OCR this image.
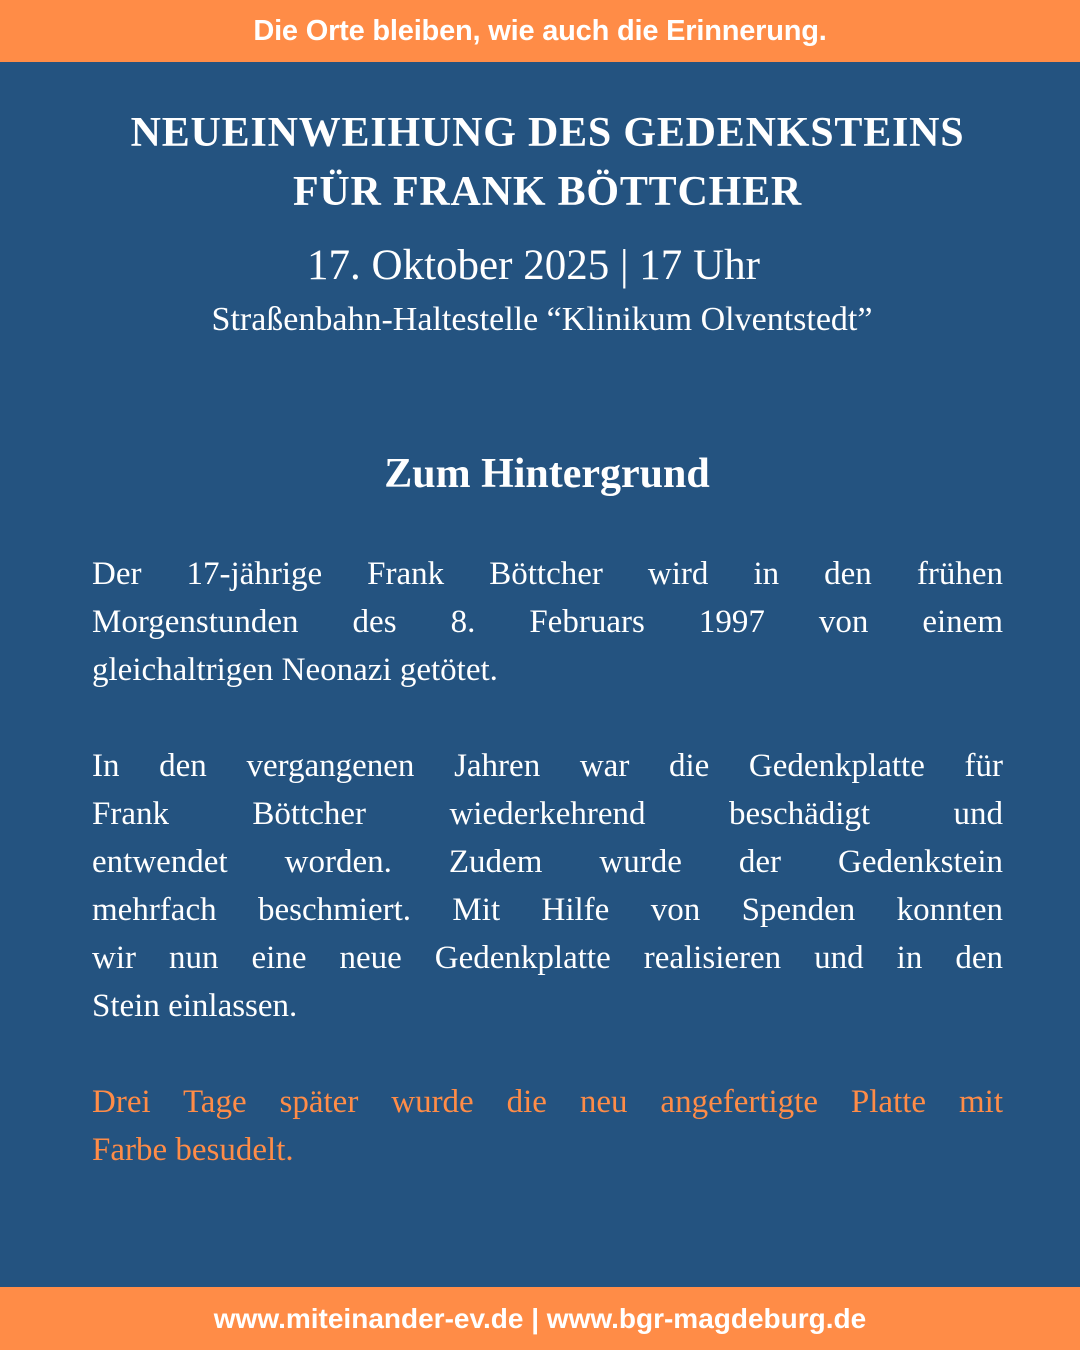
Die Orte bleiben, wie auch die Erinnerung.
NEUEINWEIHUNG DES GEDENKSTEINS
FÜR FRANK BÖTTCHER
17. Oktober 2025 | 17 Uhr
Straßenbahn-Haltestelle “Klinikum Olventstedt”
Zum Hintergrund
Der 17-jährige Frank Böttcher wird in den frühen
Morgenstunden des 8. Februars 1997 von einem
gleichaltrigen Neonazi getötet.
In den vergangenen Jahren war die Gedenkplatte für
Frank Böttcher wiederkehrend beschädigt und
entwendet worden. Zudem wurde der Gedenkstein
mehrfach beschmiert. Mit Hilfe von Spenden konnten
wir nun eine neue Gedenkplatte realisieren und in den
Stein einlassen.
Drei Tage später wurde die neu angefertigte Platte mit
Farbe besudelt.
www.miteinander-ev.de | www.bgr-magdeburg.de
